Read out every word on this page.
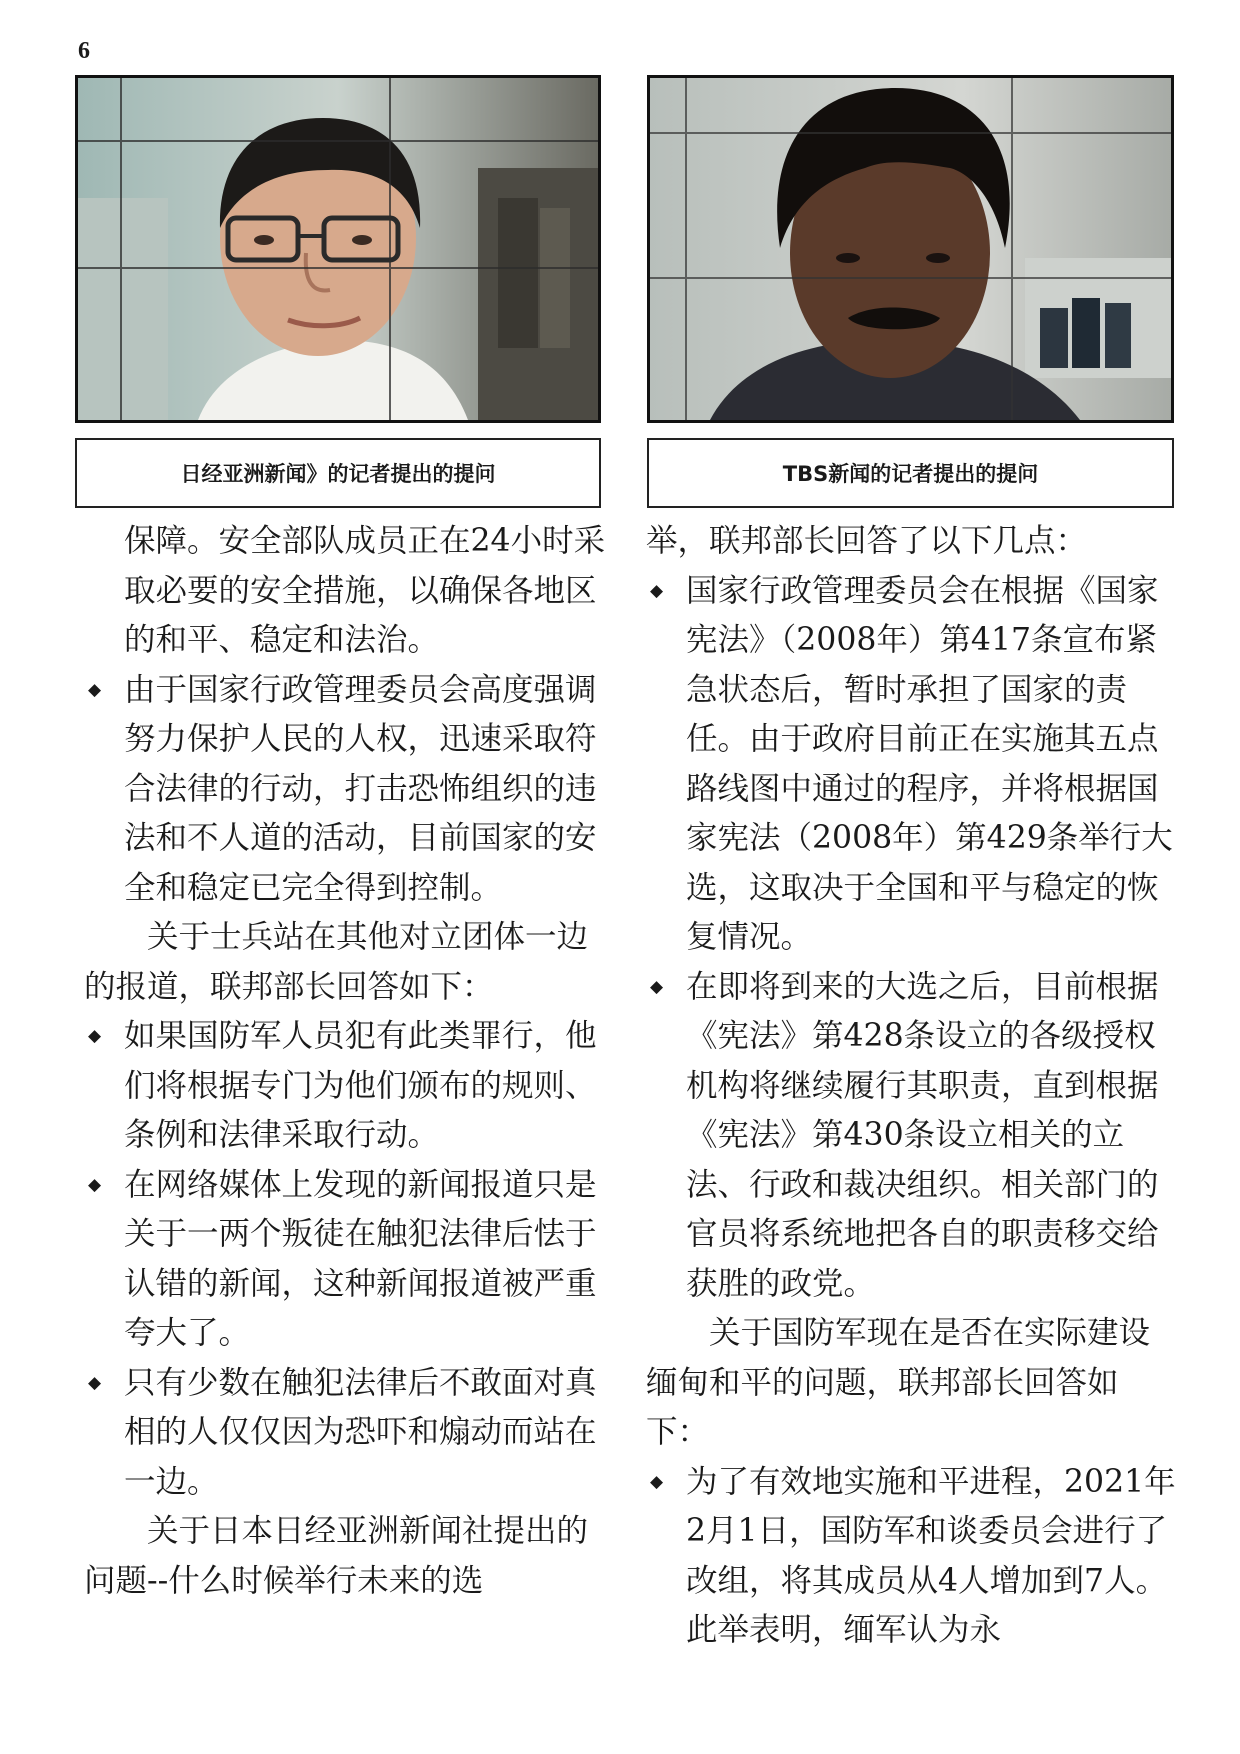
6
日经亚洲新闻》的记者提出的提问	TBS新闻的记者提出的提问

保障。安全部队成员正在24小时采取必要的安全措施，以确保各地区的和平、稳定和法治。

◆ 由于国家行政管理委员会高度强调努力保护人民的人权，迅速采取符合法律的行动，打击恐怖组织的违法和不人道的活动，目前国家的安全和稳定已完全得到控制。

关于士兵站在其他对立团体一边的报道，联邦部长回答如下：

◆ 如果国防军人员犯有此类罪行，他们将根据专门为他们颁布的规则、条例和法律采取行动。
◆ 在网络媒体上发现的新闻报道只是关于一两个叛徒在触犯法律后怯于认错的新闻，这种新闻报道被严重夸大了。
◆ 只有少数在触犯法律后不敢面对真相的人仅仅因为恐吓和煽动而站在一边。

关于日本日经亚洲新闻社提出的问题--什么时候举行未来的选

举，联邦部长回答了以下几点：

◆ 国家行政管理委员会在根据《国家宪法》（2008年）第417条宣布紧急状态后，暂时承担了国家的责任。由于政府目前正在实施其五点路线图中通过的程序，并将根据国家宪法（2008年）第429条举行大选，这取决于全国和平与稳定的恢复情况。
◆ 在即将到来的大选之后，目前根据《宪法》第428条设立的各级授权机构将继续履行其职责，直到根据《宪法》第430条设立相关的立法、行政和裁决组织。相关部门的官员将系统地把各自的职责移交给获胜的政党。

关于国防军现在是否在实际建设缅甸和平的问题，联邦部长回答如下：

◆ 为了有效地实施和平进程，2021年2月1日，国防军和谈委员会进行了改组，将其成员从4人增加到7人。此举表明，缅军认为永
